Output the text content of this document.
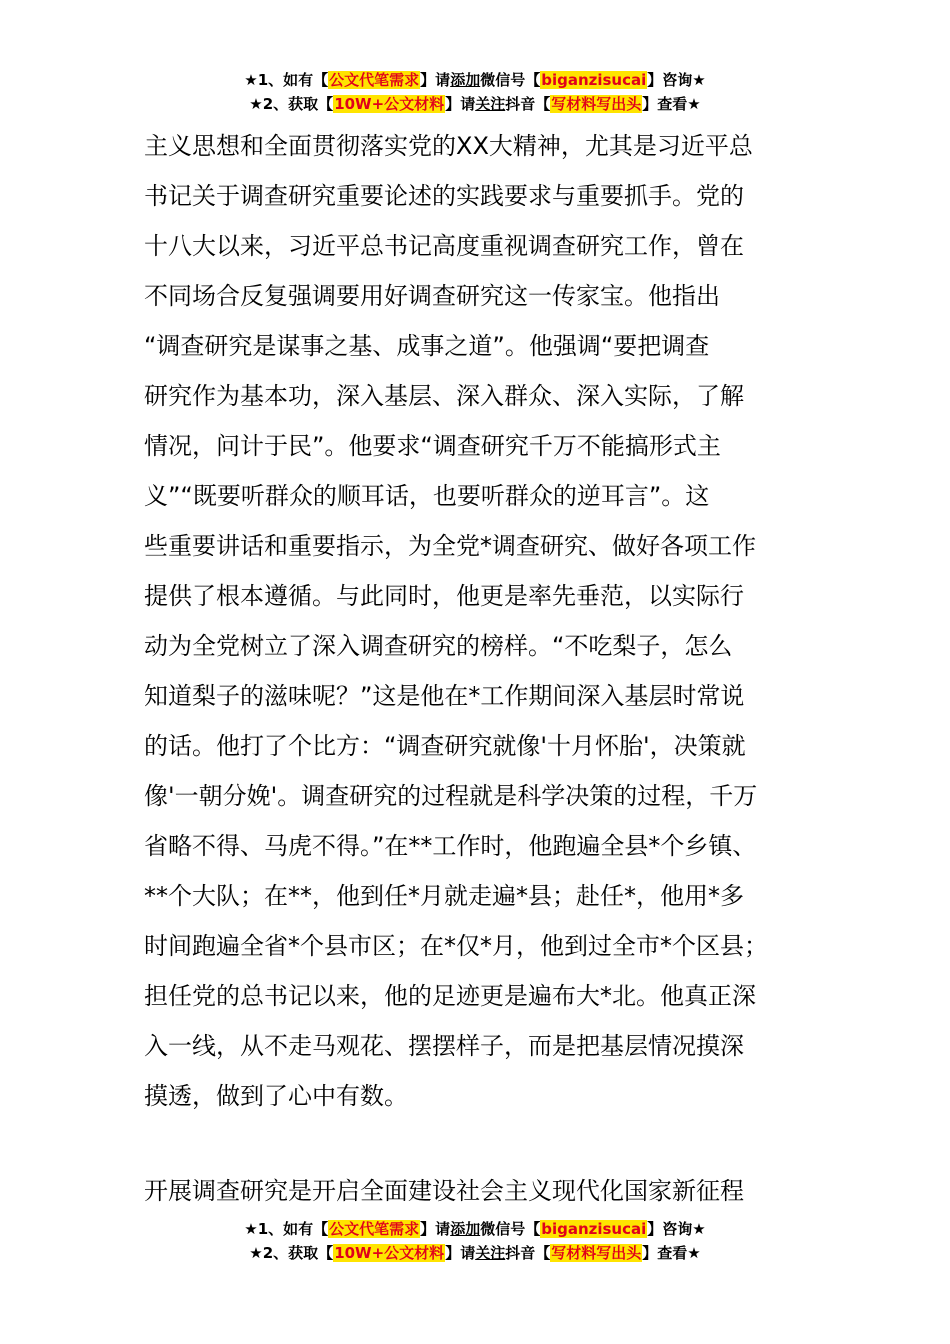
★1、如有【公文代笔需求】请添加微信号【biganzisucai】咨询★
★2、获取【10W+公文材料】请关注抖音【写材料写出头】查看★
主义思想和全面贯彻落实党的XX大精神，尤其是习近平总
书记关于调查研究重要论述的实践要求与重要抓手。党的
十八大以来，习近平总书记高度重视调查研究工作，曾在
不同场合反复强调要用好调查研究这一传家宝。他指出
“调查研究是谋事之基、成事之道”。他强调“要把调查
研究作为基本功，深入基层、深入群众、深入实际，了解
情况，问计于民”。他要求“调查研究千万不能搞形式主
义”“既要听群众的顺耳话，也要听群众的逆耳言”。这
些重要讲话和重要指示，为全党*调查研究、做好各项工作
提供了根本遵循。与此同时，他更是率先垂范，以实际行
动为全党树立了深入调查研究的榜样。“不吃梨子，怎么
知道梨子的滋味呢？”这是他在*工作期间深入基层时常说
的话。他打了个比方：“调查研究就像'十月怀胎'，决策就
像'一朝分娩'。调查研究的过程就是科学决策的过程，千万
省略不得、马虎不得。”在**工作时，他跑遍全县*个乡镇、
**个大队；在**，他到任*月就走遍*县；赴任*，他用*多
时间跑遍全省*个县市区；在*仅*月，他到过全市*个区县；
担任党的总书记以来，他的足迹更是遍布大*北。他真正深
入一线，从不走马观花、摆摆样子，而是把基层情况摸深
摸透，做到了心中有数。
开展调查研究是开启全面建设社会主义现代化国家新征程
★1、如有【公文代笔需求】请添加微信号【biganzisucai】咨询★
★2、获取【10W+公文材料】请关注抖音【写材料写出头】查看★
